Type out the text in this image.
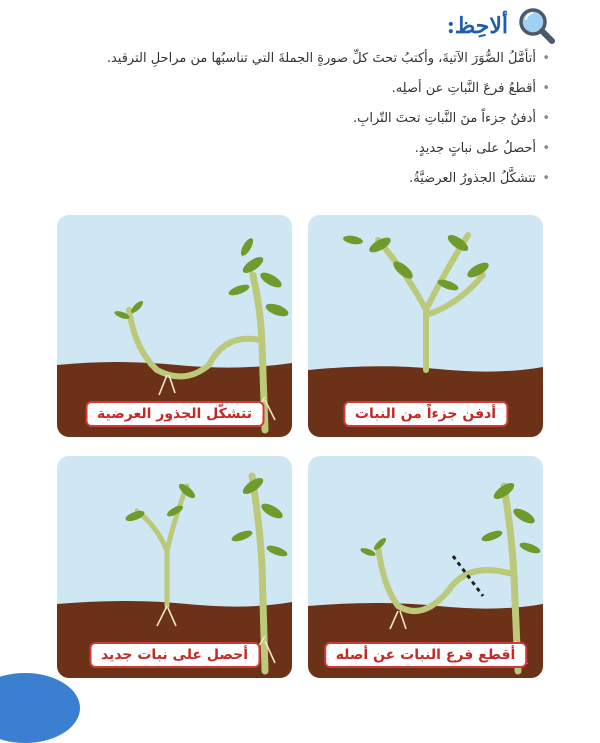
ألاحِظ:
• أتأمَّلُ الصُّوَرَ الآتيةَ، وأكتبُ تحتَ كلِّ صورةٍ الجملةَ التي تناسبُها من مراحلِ الترقيد.
• أقطعُ فرعَ النَّباتِ عن أصلِه.
• أدفنُ جزءاً منَ النَّباتِ تحتَ التّرابِ.
• أحصلُ على نباتٍ جديدٍ.
• تتشكَّلُ الجذورُ العرضيَّةُ.
تتشكّل الجذور العرضية	أدفن جزءاً من النبات
أحصل على نبات جديد	أقطع فرع النبات عن أصله
